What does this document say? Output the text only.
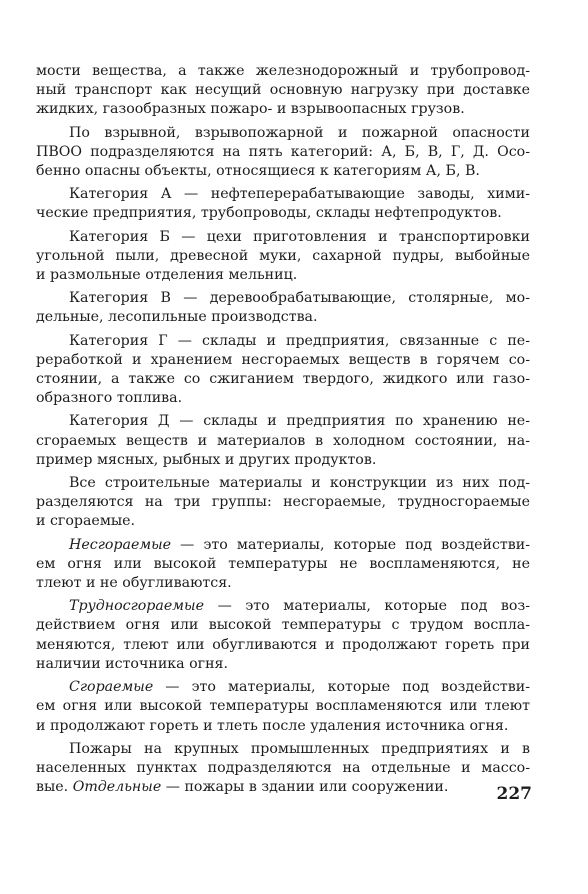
мости вещества, а также железнодорожный и трубопровод-
ный транспорт как несущий основную нагрузку при доставке
жидких, газообразных пожаро- и взрывоопасных грузов.
По взрывной, взрывопожарной и пожарной опасности
ПВОО подразделяются на пять категорий: А, Б, В, Г, Д. Осо-
бенно опасны объекты, относящиеся к категориям А, Б, В.
Категория А — нефтеперерабатывающие заводы, хими-
ческие предприятия, трубопроводы, склады нефтепродуктов.
Категория Б — цехи приготовления и транспортировки
угольной пыли, древесной муки, сахарной пудры, выбойные
и размольные отделения мельниц.
Категория В — деревообрабатывающие, столярные, мо-
дельные, лесопильные производства.
Категория Г — склады и предприятия, связанные с пе-
реработкой и хранением несгораемых веществ в горячем со-
стоянии, а также со сжиганием твердого, жидкого или газо-
образного топлива.
Категория Д — склады и предприятия по хранению не-
сгораемых веществ и материалов в холодном состоянии, на-
пример мясных, рыбных и других продуктов.
Все строительные материалы и конструкции из них под-
разделяются на три группы: несгораемые, трудносгораемые
и сгораемые.
Несгораемые — это материалы, которые под воздействи-
ем огня или высокой температуры не воспламеняются, не
тлеют и не обугливаются.
Трудносгораемые — это материалы, которые под воз-
действием огня или высокой температуры с трудом воспла-
меняются, тлеют или обугливаются и продолжают гореть при
наличии источника огня.
Сгораемые — это материалы, которые под воздействи-
ем огня или высокой температуры воспламеняются или тлеют
и продолжают гореть и тлеть после удаления источника огня.
Пожары на крупных промышленных предприятиях и в
населенных пунктах подразделяются на отдельные и массо-
вые. Отдельные — пожары в здании или сооружении.	227
